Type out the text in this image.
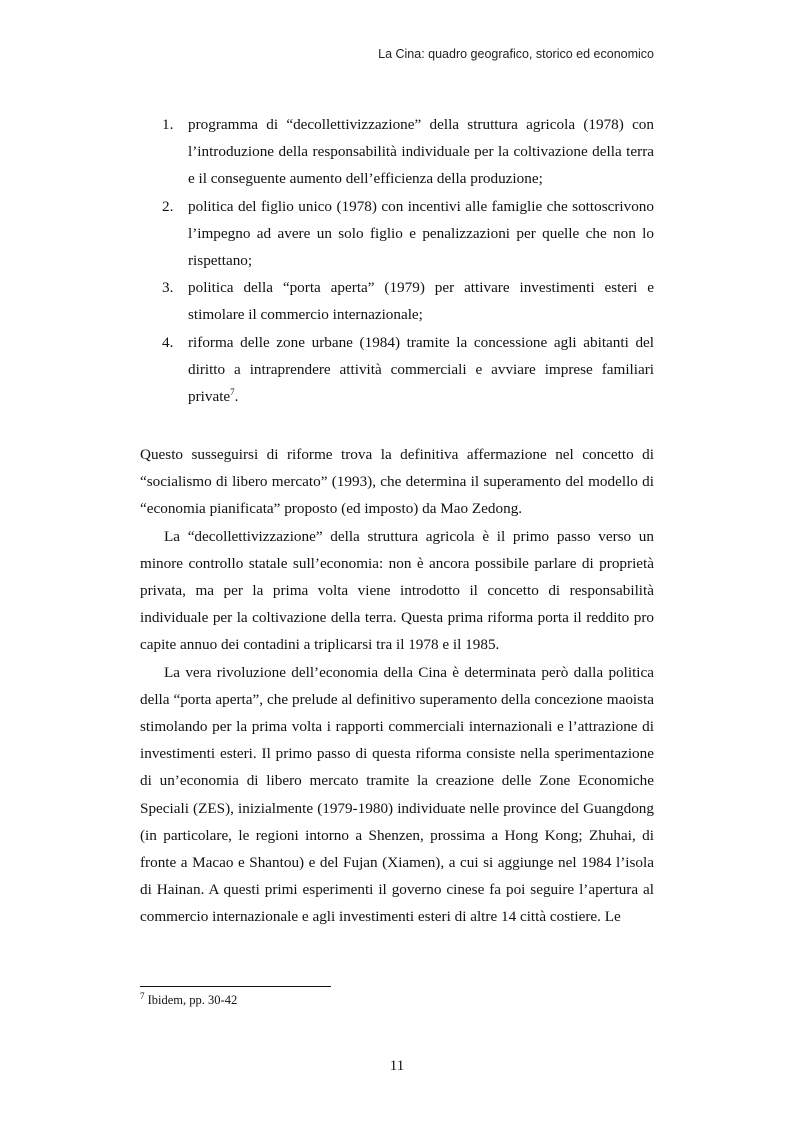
La Cina: quadro geografico, storico ed economico
1. programma di “decollettivizzazione” della struttura agricola (1978) con l’introduzione della responsabilità individuale per la coltivazione della terra e il conseguente aumento dell’efficienza della produzione;
2. politica del figlio unico (1978) con incentivi alle famiglie che sottoscrivono l’impegno ad avere un solo figlio e penalizzazioni per quelle che non lo rispettano;
3. politica della “porta aperta” (1979) per attivare investimenti esteri e stimolare il commercio internazionale;
4. riforma delle zone urbane (1984) tramite la concessione agli abitanti del diritto a intraprendere attività commerciali e avviare imprese familiari private$^7$.

Questo susseguirsi di riforme trova la definitiva affermazione nel concetto di “socialismo di libero mercato” (1993), che determina il superamento del modello di “economia pianificata” proposto (ed imposto) da Mao Zedong.

La “decollettivizzazione” della struttura agricola è il primo passo verso un minore controllo statale sull’economia: non è ancora possibile parlare di proprietà privata, ma per la prima volta viene introdotto il concetto di responsabilità individuale per la coltivazione della terra. Questa prima riforma porta il reddito pro capite annuo dei contadini a triplicarsi tra il 1978 e il 1985.

La vera rivoluzione dell’economia della Cina è determinata però dalla politica della “porta aperta”, che prelude al definitivo superamento della concezione maoista stimolando per la prima volta i rapporti commerciali internazionali e l’attrazione di investimenti esteri. Il primo passo di questa riforma consiste nella sperimentazione di un’economia di libero mercato tramite la creazione delle Zone Economiche Speciali (ZES), inizialmente (1979-1980) individuate nelle province del Guangdong (in particolare, le regioni intorno a Shenzen, prossima a Hong Kong; Zhuhai, di fronte a Macao e Shantou) e del Fujan (Xiamen), a cui si aggiunge nel 1984 l’isola di Hainan. A questi primi esperimenti il governo cinese fa poi seguire l’apertura al commercio internazionale e agli investimenti esteri di altre 14 città costiere. Le

$^7$ Ibidem, pp. 30-42
11
